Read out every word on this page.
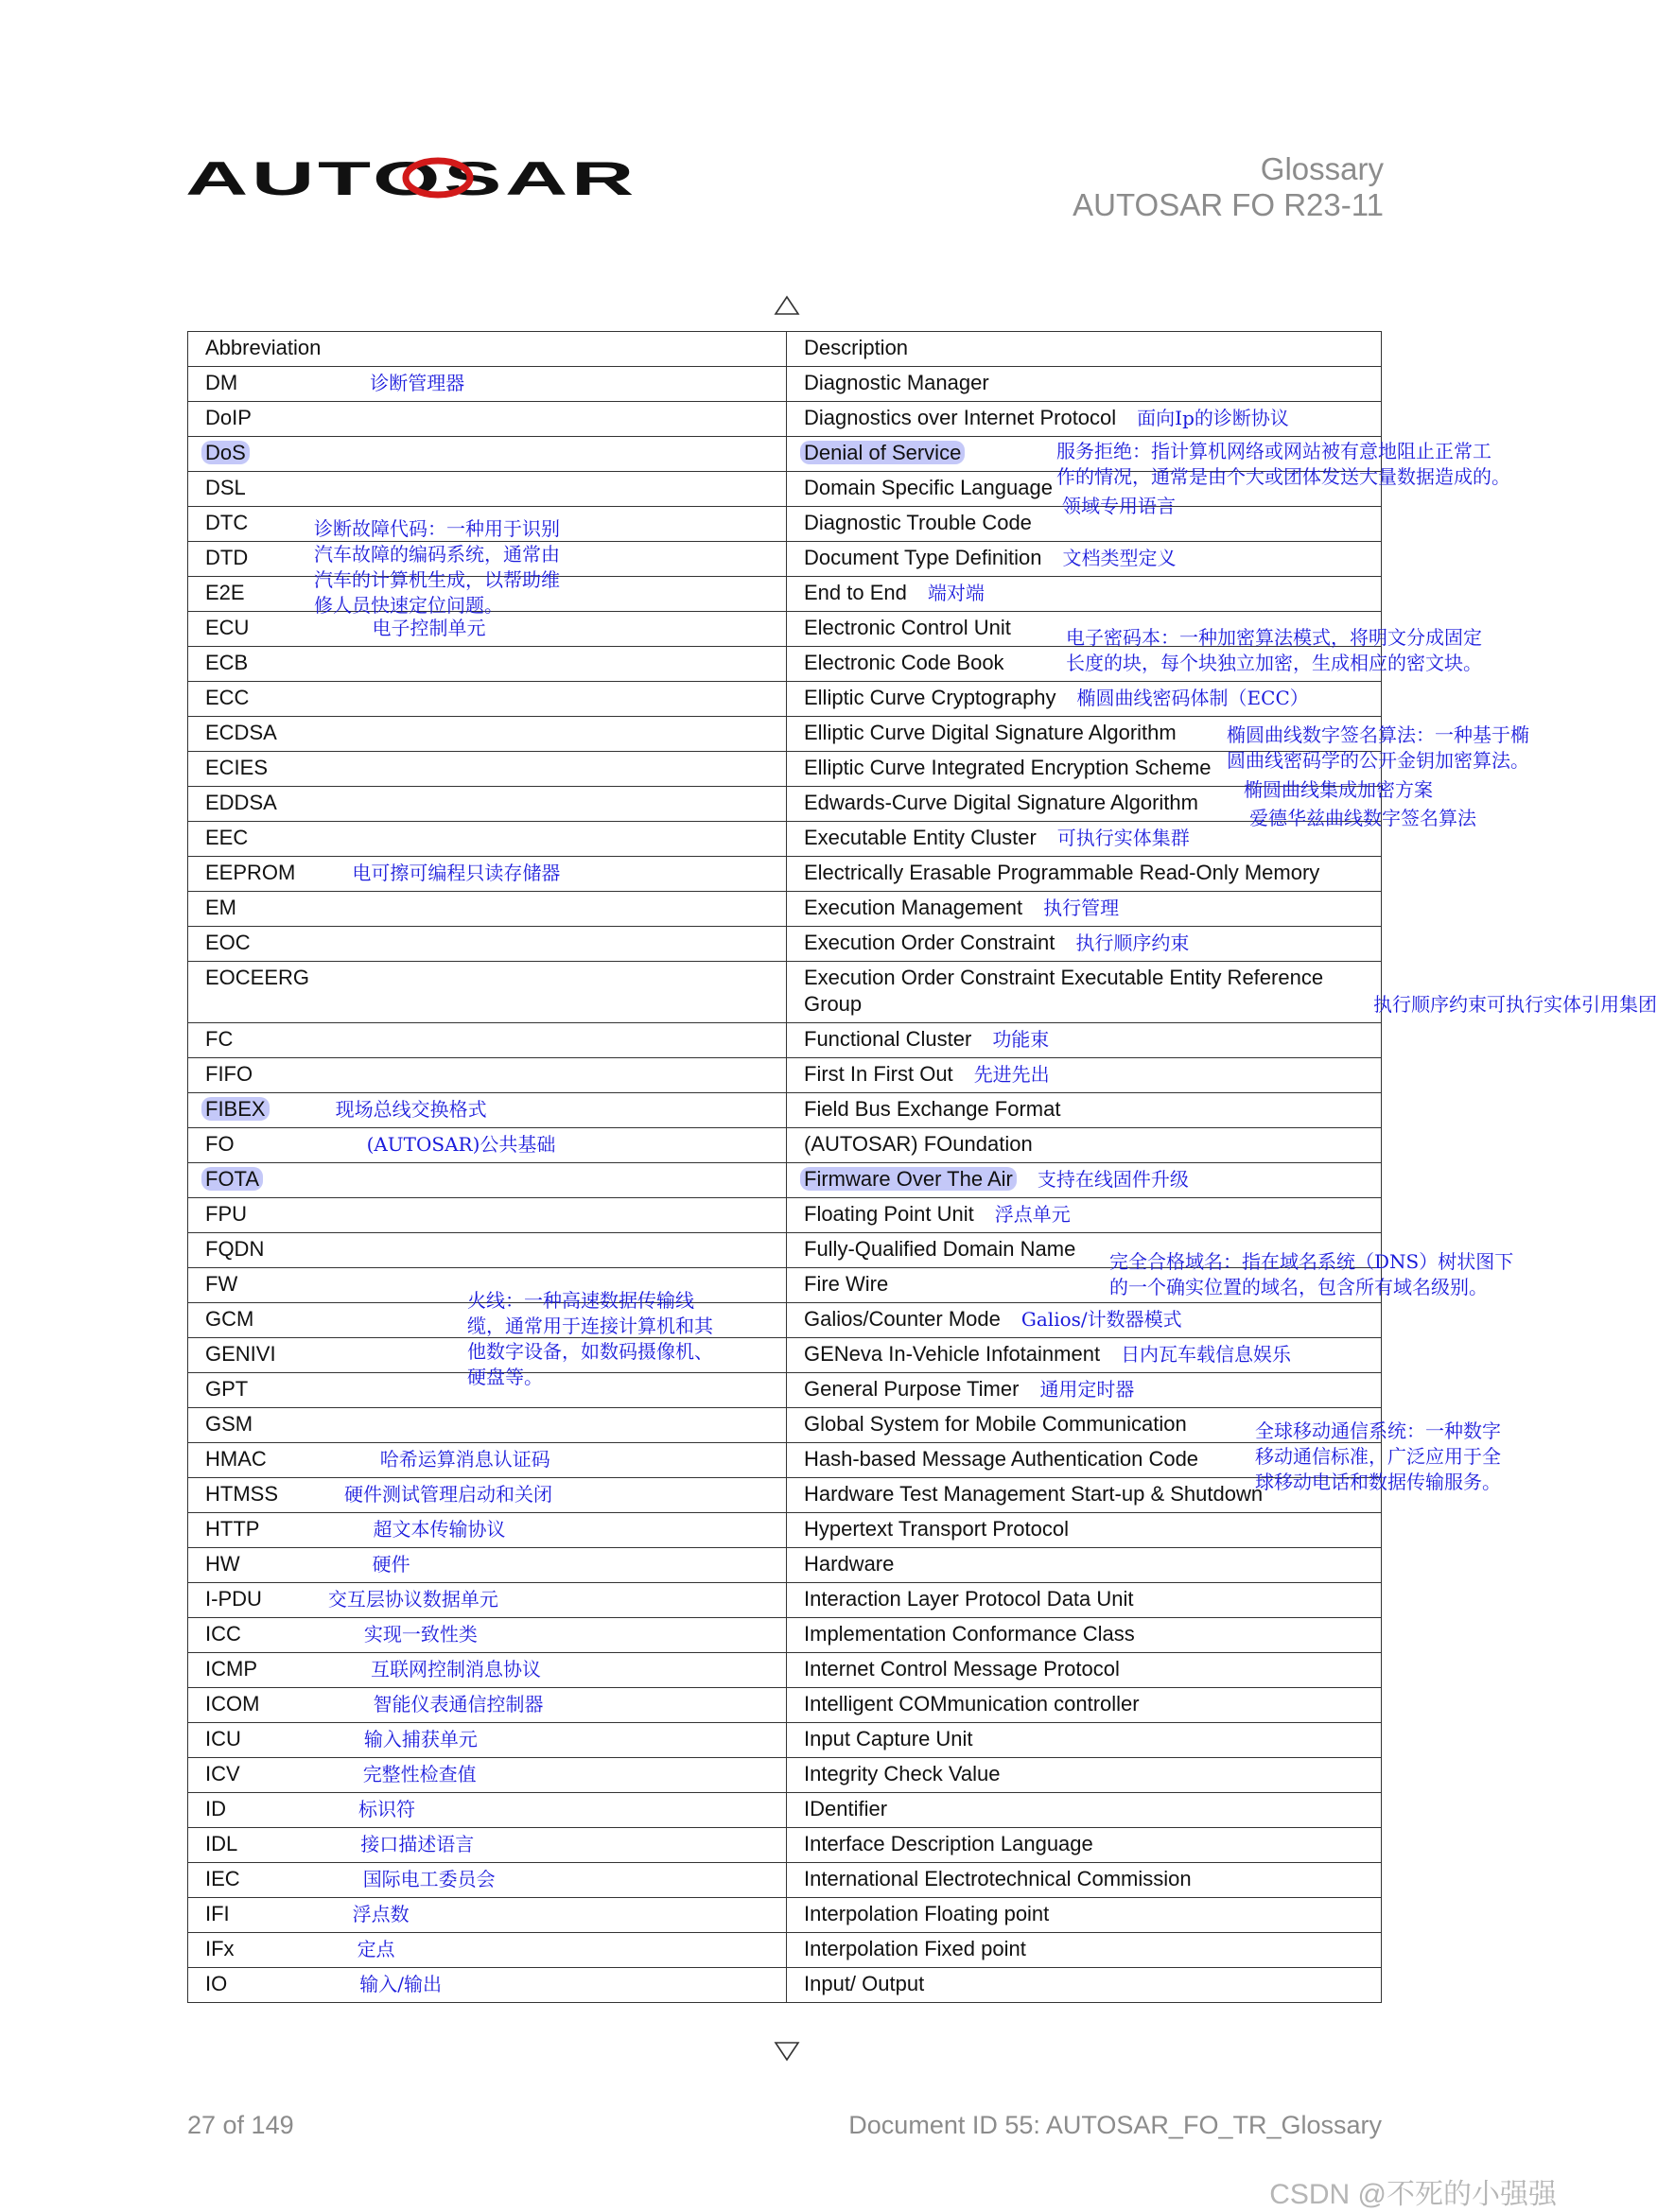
AUTOSAR	Glossary
AUTOSAR FO R23-11
Abbreviation	Description
DM 诊断管理器	Diagnostic Manager
DoIP	Diagnostics over Internet Protocol 面向Ip的诊断协议
DoS	Denial of Service
DSL	Domain Specific Language
DTC	Diagnostic Trouble Code
DTD	Document Type Definition 文档类型定义
E2E	End to End 端对端
ECU 电子控制单元	Electronic Control Unit
ECB	Electronic Code Book
ECC	Elliptic Curve Cryptography 椭圆曲线密码体制（ECC）
ECDSA	Elliptic Curve Digital Signature Algorithm
ECIES	Elliptic Curve Integrated Encryption Scheme
EDDSA	Edwards-Curve Digital Signature Algorithm
EEC	Executable Entity Cluster 可执行实体集群
EEPROM 电可擦可编程只读存储器	Electrically Erasable Programmable Read-Only Memory
EM	Execution Management 执行管理
EOC	Execution Order Constraint 执行顺序约束
EOCEERG	Execution Order Constraint Executable Entity Reference Group 执行顺序约束可执行实体引用集团
FC	Functional Cluster 功能束
FIFO	First In First Out 先进先出
FIBEX 现场总线交换格式	Field Bus Exchange Format
FO (AUTOSAR)公共基础	(AUTOSAR) FOundation
FOTA	Firmware Over The Air 支持在线固件升级
FPU	Floating Point Unit 浮点单元
FQDN	Fully-Qualified Domain Name
FW	Fire Wire
GCM	Galios/Counter Mode Galios/计数器模式
GENIVI	GENeva In-Vehicle Infotainment 日内瓦车载信息娱乐
GPT	General Purpose Timer 通用定时器
GSM	Global System for Mobile Communication
HMAC 哈希运算消息认证码	Hash-based Message Authentication Code
HTMSS 硬件测试管理启动和关闭	Hardware Test Management Start-up & Shutdown
HTTP 超文本传输协议	Hypertext Transport Protocol
HW 硬件	Hardware
I-PDU 交互层协议数据单元	Interaction Layer Protocol Data Unit
ICC 实现一致性类	Implementation Conformance Class
ICMP 互联网控制消息协议	Internet Control Message Protocol
ICOM 智能仪表通信控制器	Intelligent COMmunication controller
ICU 输入捕获单元	Input Capture Unit
ICV 完整性检查值	Integrity Check Value
ID 标识符	IDentifier
IDL 接口描述语言	Interface Description Language
IEC 国际电工委员会	International Electrotechnical Commission
IFI 浮点数	Interpolation Floating point
IFx 定点	Interpolation Fixed point
IO 输入/输出	Input/ Output
服务拒绝：指计算机网络或网站被有意地阻止正常工
作的情况，通常是由个大或团体发送大量数据造成的。
领域专用语言
诊断故障代码：一种用于识别
汽车故障的编码系统，通常由
汽车的计算机生成，以帮助维
修人员快速定位问题。
电子密码本：一种加密算法模式，将明文分成固定
长度的块，每个块独立加密，生成相应的密文块。
椭圆曲线数字签名算法：一种基于椭
圆曲线密码学的公开金钥加密算法。
椭圆曲线集成加密方案
爱德华兹曲线数字签名算法
完全合格域名：指在域名系统（DNS）树状图下
的一个确实位置的域名，包含所有域名级别。
火线：一种高速数据传输线
缆，通常用于连接计算机和其
他数字设备，如数码摄像机、
硬盘等。
全球移动通信系统：一种数字
移动通信标准，广泛应用于全
球移动电话和数据传输服务。
27 of 149	Document ID 55: AUTOSAR_FO_TR_Glossary
CSDN @不死的小强强
